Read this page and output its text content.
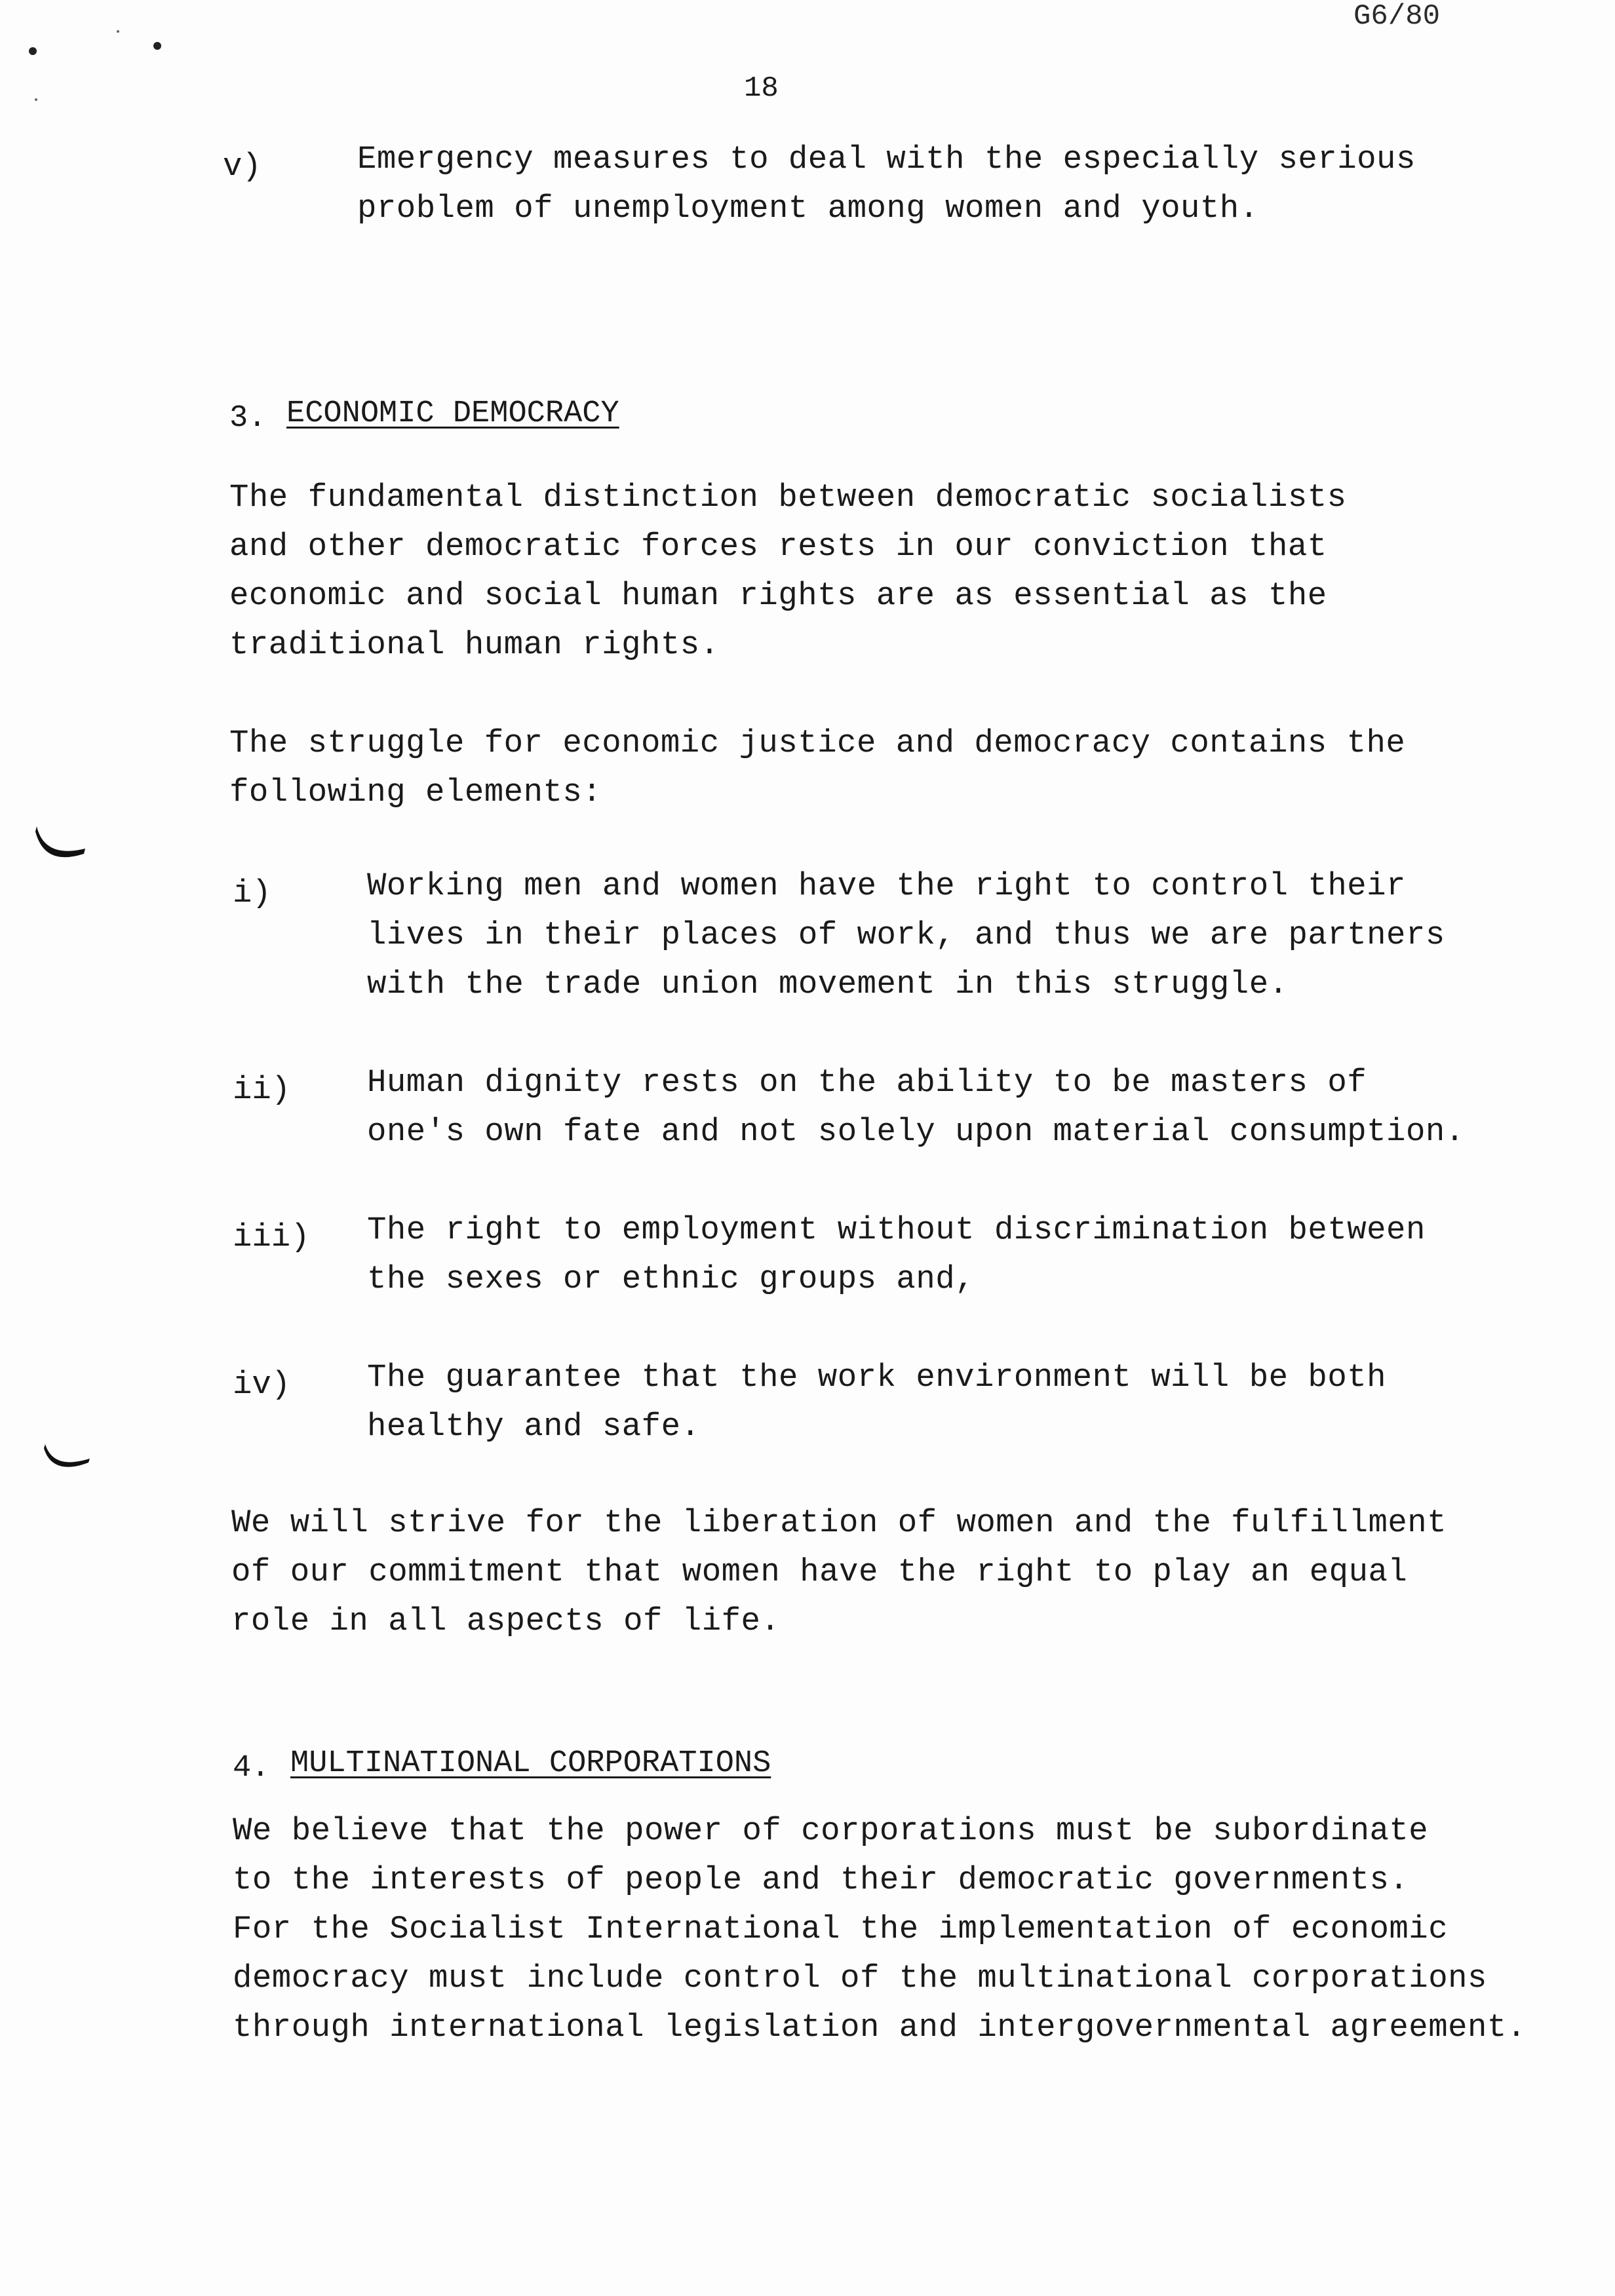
G6/80
18
v)	Emergency measures to deal with the especially serious
problem of unemployment among women and youth.
3. ECONOMIC DEMOCRACY
The fundamental distinction between democratic socialists
and other democratic forces rests in our conviction that
economic and social human rights are as essential as the
traditional human rights.
The struggle for economic justice and democracy contains the
following elements:
i)	Working men and women have the right to control their
lives in their places of work, and thus we are partners
with the trade union movement in this struggle.
ii) Human dignity rests on the ability to be masters of
one's own fate and not solely upon material consumption.
iii) The right to employment without discrimination between
the sexes or ethnic groups and,
iv) The guarantee that the work environment will be both
healthy and safe.
We will strive for the liberation of women and the fulfillment
of our commitment that women have the right to play an equal
role in all aspects of life.
4. MULTINATIONAL CORPORATIONS
We believe that the power of corporations must be subordinate
to the interests of people and their democratic governments.
For the Socialist International the implementation of economic
democracy must include control of the multinational corporations
through international legislation and intergovernmental agreement.
